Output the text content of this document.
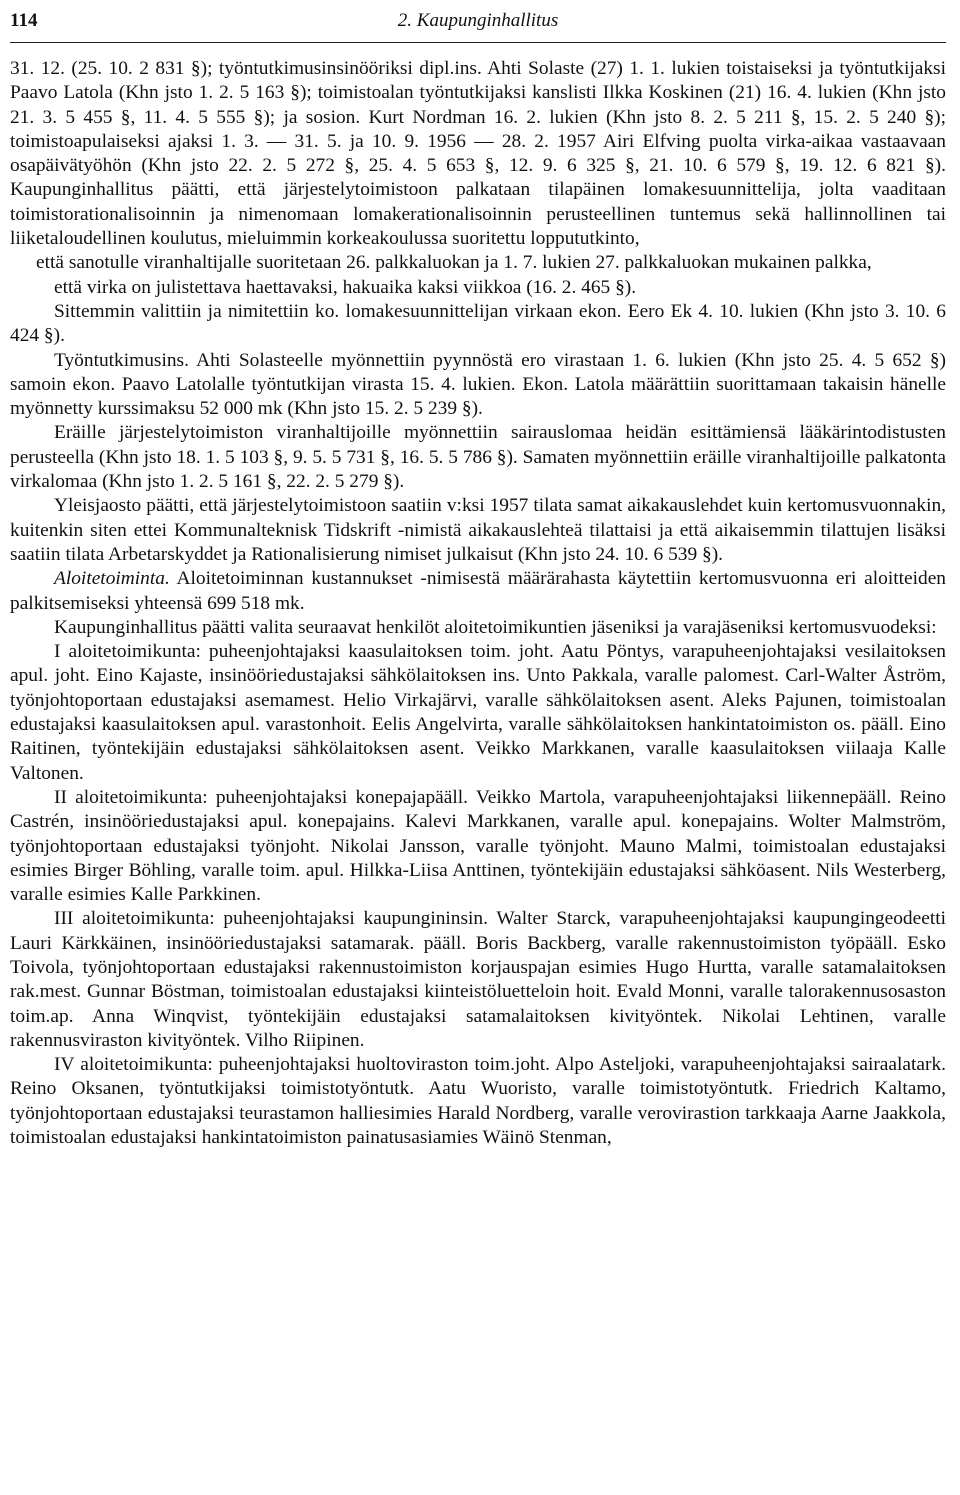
114	2. Kaupunginhallitus

31. 12. (25. 10. 2 831 §); työntutkimusinsinööriksi dipl.ins. Ahti Solaste (27) 1. 1. lukien toistaiseksi ja työntutkijaksi Paavo Latola (Khn jsto 1. 2. 5 163 §); toimistoalan työntutkijaksi kanslisti Ilkka Koskinen (21) 16. 4. lukien (Khn jsto 21. 3. 5 455 §, 11. 4. 5 555 §); ja sosion. Kurt Nordman 16. 2. lukien (Khn jsto 8. 2. 5 211 §, 15. 2. 5 240 §); toimistoapulaiseksi ajaksi 1. 3. — 31. 5. ja 10. 9. 1956 — 28. 2. 1957 Airi Elfving puolta virka-aikaa vastaavaan osapäivätyöhön (Khn jsto 22. 2. 5 272 §, 25. 4. 5 653 §, 12. 9. 6 325 §, 21. 10. 6 579 §, 19. 12. 6 821 §). Kaupunginhallitus päätti, että järjestelytoimistoon palkataan tilapäinen lomakesuunnittelija, jolta vaaditaan toimistorationalisoinnin ja nimenomaan lomakerationalisoinnin perusteellinen tuntemus sekä hallinnollinen tai liiketaloudellinen koulutus, mieluimmin korkeakoulussa suoritettu loppututkinto,

että sanotulle viranhaltijalle suoritetaan 26. palkkaluokan ja 1. 7. lukien 27. palkkaluokan mukainen palkka,

että virka on julistettava haettavaksi, hakuaika kaksi viikkoa (16. 2. 465 §).

Sittemmin valittiin ja nimitettiin ko. lomakesuunnittelijan virkaan ekon. Eero Ek 4. 10. lukien (Khn jsto 3. 10. 6 424 §).

Työntutkimusins. Ahti Solasteelle myönnettiin pyynnöstä ero virastaan 1. 6. lukien (Khn jsto 25. 4. 5 652 §) samoin ekon. Paavo Latolalle työntutkijan virasta 15. 4. lukien. Ekon. Latola määrättiin suorittamaan takaisin hänelle myönnetty kurssimaksu 52 000 mk (Khn jsto 15. 2. 5 239 §).

Eräille järjestelytoimiston viranhaltijoille myönnettiin sairauslomaa heidän esittämiensä lääkärintodistusten perusteella (Khn jsto 18. 1. 5 103 §, 9. 5. 5 731 §, 16. 5. 5 786 §). Samaten myönnettiin eräille viranhaltijoille palkatonta virkalomaa (Khn jsto 1. 2. 5 161 §, 22. 2. 5 279 §).

Yleisjaosto päätti, että järjestelytoimistoon saatiin v:ksi 1957 tilata samat aikakauslehdet kuin kertomusvuonnakin, kuitenkin siten ettei Kommunalteknisk Tidskrift -nimistä aikakauslehteä tilattaisi ja että aikaisemmin tilattujen lisäksi saatiin tilata Arbetarskyddet ja Rationalisierung nimiset julkaisut (Khn jsto 24. 10. 6 539 §).

Aloitetoiminta. Aloitetoiminnan kustannukset -nimisestä määrärahasta käytettiin kertomusvuonna eri aloitteiden palkitsemiseksi yhteensä 699 518 mk.

Kaupunginhallitus päätti valita seuraavat henkilöt aloitetoimikuntien jäseniksi ja varajäseniksi kertomusvuodeksi:

I aloitetoimikunta: puheenjohtajaksi kaasulaitoksen toim. joht. Aatu Pöntys, varapuheenjohtajaksi vesilaitoksen apul. joht. Eino Kajaste, insinööriedustajaksi sähkölaitoksen ins. Unto Pakkala, varalle palomest. Carl-Walter Åström, työnjohtoportaan edustajaksi asemamest. Helio Virkajärvi, varalle sähkölaitoksen asent. Aleks Pajunen, toimistoalan edustajaksi kaasulaitoksen apul. varastonhoit. Eelis Angelvirta, varalle sähkölaitoksen hankintatoimiston os. pääll. Eino Raitinen, työntekijäin edustajaksi sähkölaitoksen asent. Veikko Markkanen, varalle kaasulaitoksen viilaaja Kalle Valtonen.

II aloitetoimikunta: puheenjohtajaksi konepajapääll. Veikko Martola, varapuheenjohtajaksi liikennepääll. Reino Castrén, insinööriedustajaksi apul. konepajains. Kalevi Markkanen, varalle apul. konepajains. Wolter Malmström, työnjohtoportaan edustajaksi työnjoht. Nikolai Jansson, varalle työnjoht. Mauno Malmi, toimistoalan edustajaksi esimies Birger Böhling, varalle toim. apul. Hilkka-Liisa Anttinen, työntekijäin edustajaksi sähköasent. Nils Westerberg, varalle esimies Kalle Parkkinen.

III aloitetoimikunta: puheenjohtajaksi kaupungininsin. Walter Starck, varapuheenjohtajaksi kaupungingeodeetti Lauri Kärkkäinen, insinööriedustajaksi satamarak. pääll. Boris Backberg, varalle rakennustoimiston työpääll. Esko Toivola, työnjohtoportaan edustajaksi rakennustoimiston korjauspajan esimies Hugo Hurtta, varalle satamalaitoksen rak.mest. Gunnar Böstman, toimistoalan edustajaksi kiinteistöluetteloin hoit. Evald Monni, varalle talorakennusosaston toim.ap. Anna Winqvist, työntekijäin edustajaksi satamalaitoksen kivityöntek. Nikolai Lehtinen, varalle rakennusviraston kivityöntek. Vilho Riipinen.

IV aloitetoimikunta: puheenjohtajaksi huoltoviraston toim.joht. Alpo Asteljoki, varapuheenjohtajaksi sairaalatark. Reino Oksanen, työntutkijaksi toimistotyöntutk. Aatu Wuoristo, varalle toimistotyöntutk. Friedrich Kaltamo, työnjohtoportaan edustajaksi teurastamon halliesimies Harald Nordberg, varalle verovirastion tarkkaaja Aarne Jaakkola, toimistoalan edustajaksi hankintatoimiston painatusasiamies Wäinö Stenman,
